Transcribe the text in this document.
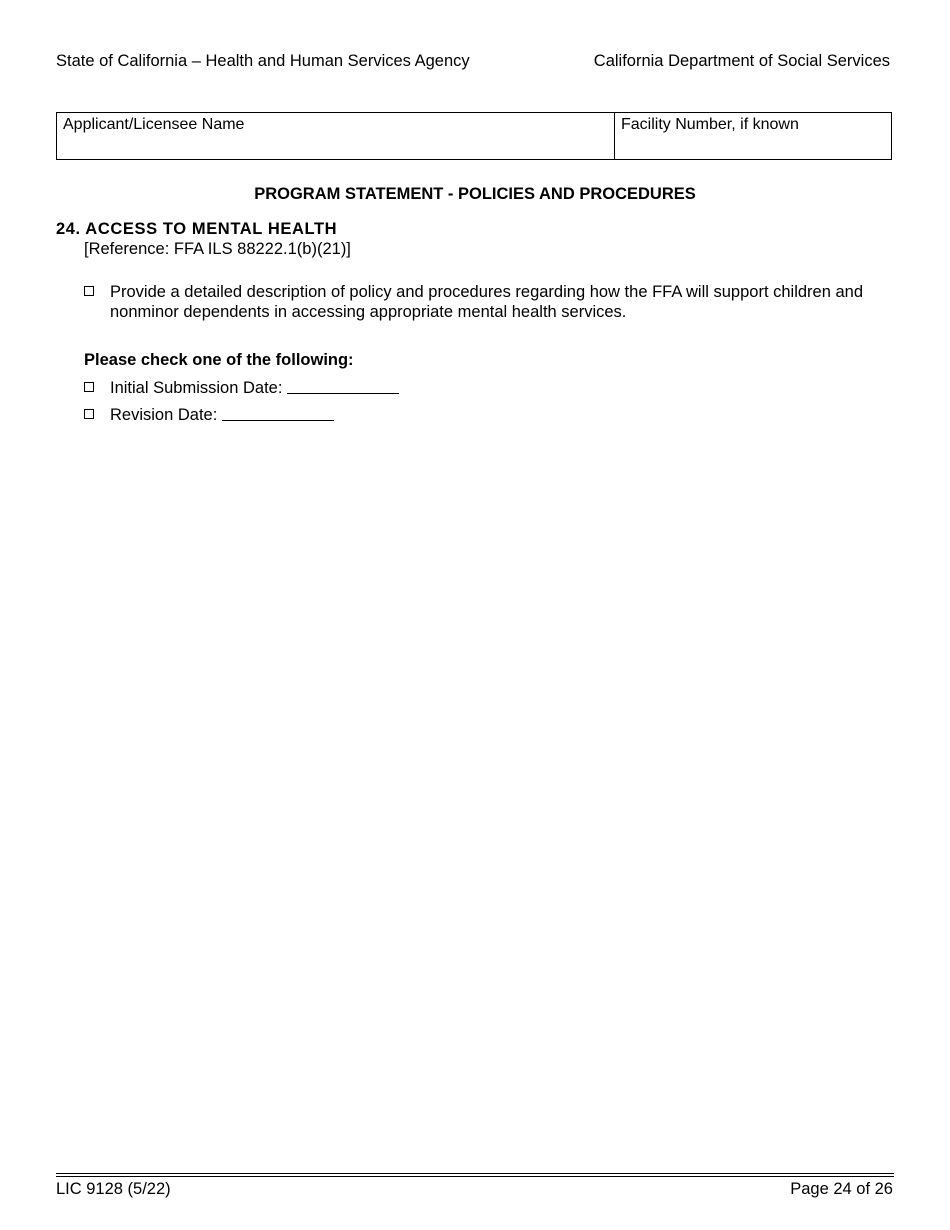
State of California – Health and Human Services Agency	California Department of Social Services
Applicant/Licensee Name	Facility Number, if known
PROGRAM STATEMENT - POLICIES AND PROCEDURES
24. ACCESS TO MENTAL HEALTH
[Reference: FFA ILS 88222.1(b)(21)]
Provide a detailed description of policy and procedures regarding how the FFA will support children and nonminor dependents in accessing appropriate mental health services.
Please check one of the following:
Initial Submission Date:
Revision Date:
LIC 9128 (5/22)	Page 24 of 26
